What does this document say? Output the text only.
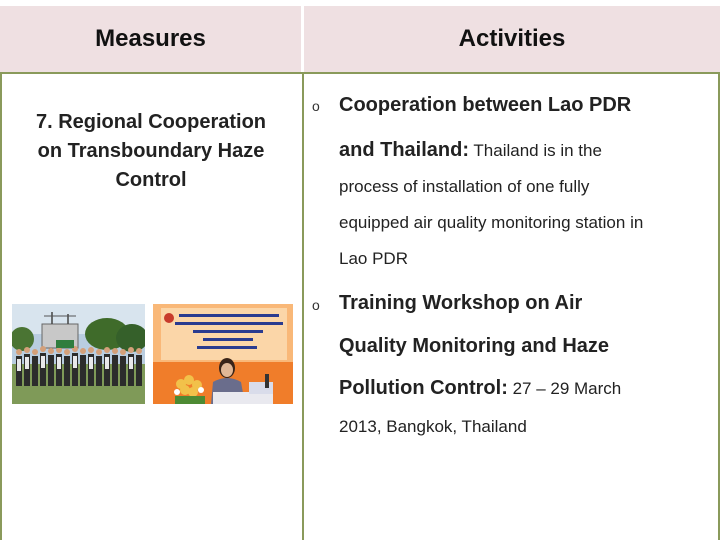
Measures	Activities
7. Regional Cooperation
on Transboundary Haze
Control
o Cooperation between Lao PDR
and Thailand: Thailand is in the
process of installation of one fully
equipped air quality monitoring station in
Lao PDR
o Training Workshop on Air
Quality Monitoring and Haze
Pollution Control: 27 – 29 March
2013, Bangkok, Thailand
